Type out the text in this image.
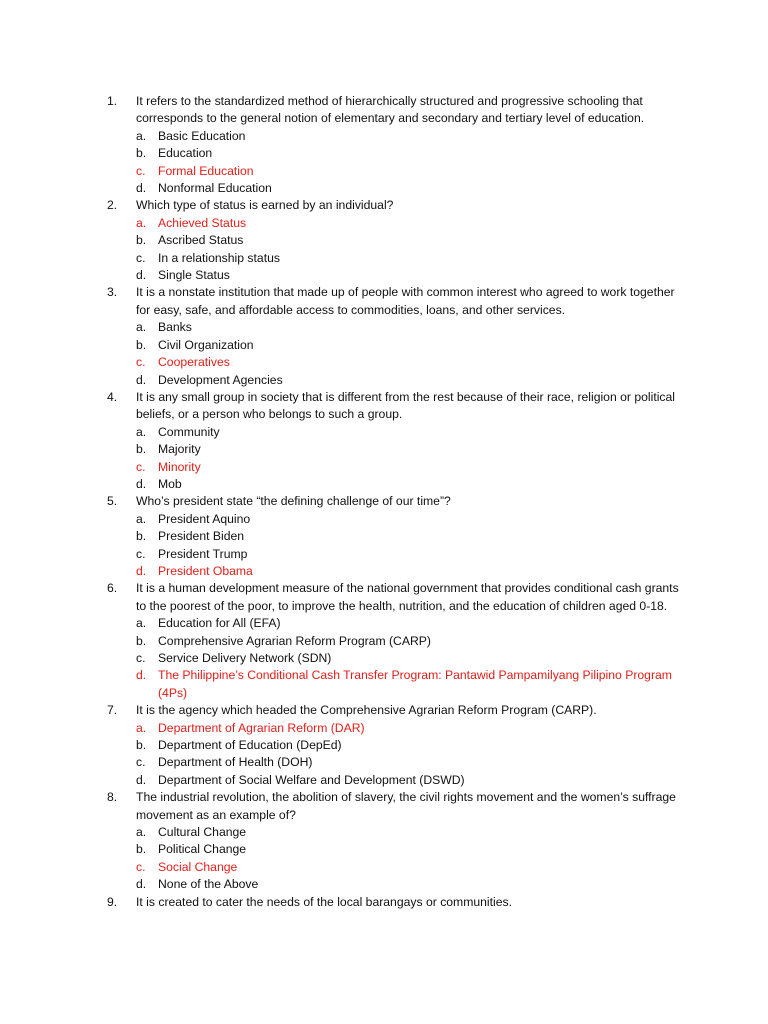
1.	It refers to the standardized method of hierarchically structured and progressive schooling that corresponds to the general notion of elementary and secondary and tertiary level of education.
a. Basic Education
b. Education
c.	Formal Education
d. Nonformal Education
2.	Which type of status is earned by an individual?
a. Achieved Status
b. Ascribed Status
c.	In a relationship status
d. Single Status
3.	It is a nonstate institution that made up of people with common interest who agreed to work together for easy, safe, and affordable access to commodities, loans, and other services.
a. Banks
b. Civil Organization
c.	Cooperatives
d. Development Agencies
4.	It is any small group in society that is different from the rest because of their race, religion or political beliefs, or a person who belongs to such a group.
a. Community
b. Majority
c.	Minority
d. Mob
5.	Who’s president state “the defining challenge of our time”?
a. President Aquino
b. President Biden
c.	President Trump
d. President Obama
6.	It is a human development measure of the national government that provides conditional cash grants to the poorest of the poor, to improve the health, nutrition, and the education of children aged 0-18.
a. Education for All (EFA)
b. Comprehensive Agrarian Reform Program (CARP)
c.	Service Delivery Network (SDN)
d. The Philippine’s Conditional Cash Transfer Program: Pantawid Pampamilyang Pilipino Program (4Ps)
7.	It is the agency which headed the Comprehensive Agrarian Reform Program (CARP).
a. Department of Agrarian Reform (DAR)
b. Department of Education (DepEd)
c.	Department of Health (DOH)
d. Department of Social Welfare and Development (DSWD)
8.	The industrial revolution, the abolition of slavery, the civil rights movement and the women’s suffrage movement as an example of?
a. Cultural Change
b. Political Change
c.	Social Change
d. None of the Above
9.	It is created to cater the needs of the local barangays or communities.
